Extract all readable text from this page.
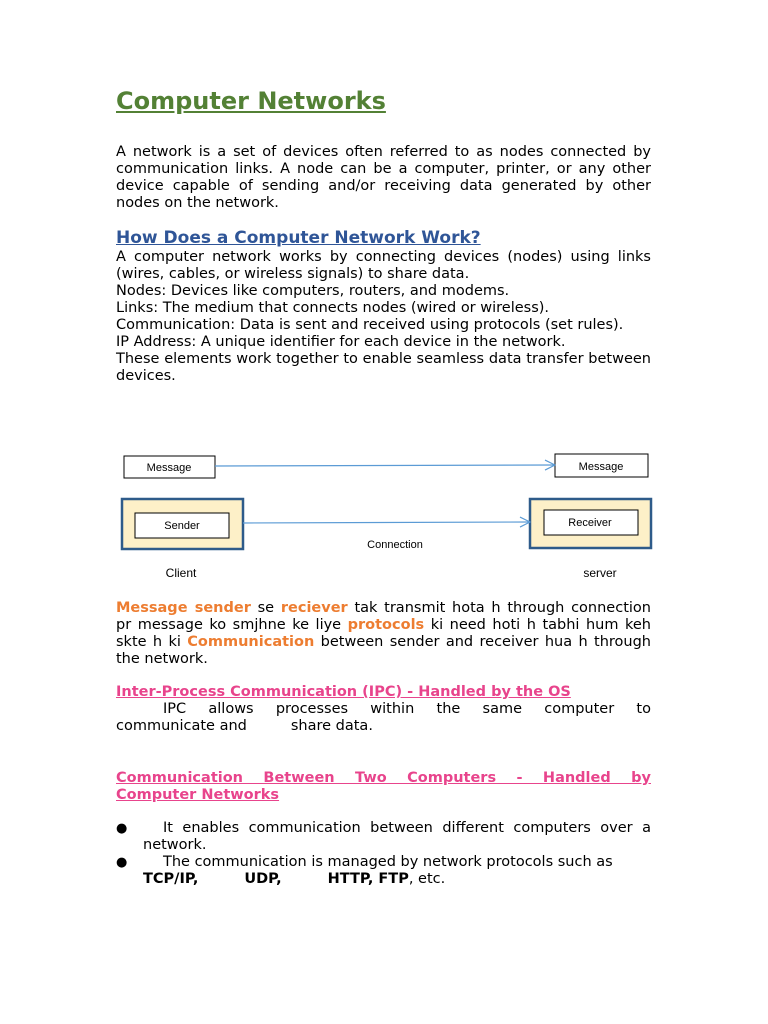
Computer Networks
A network is a set of devices often referred to as nodes connected by communication links. A node can be a computer, printer, or any other device capable of sending and/or receiving data generated by other nodes on the network.
How Does a Computer Network Work?
A computer network works by connecting devices (nodes) using links (wires, cables, or wireless signals) to share data.
Nodes: Devices like computers, routers, and modems.
Links: The medium that connects nodes (wired or wireless).
Communication: Data is sent and received using protocols (set rules).
IP Address: A unique identifier for each device in the network.
These elements work together to enable seamless data transfer between devices.
Message	Message
Sender	Receiver
Connection
Client	server
Message sender se reciever tak transmit hota h through connection pr message ko smjhne ke liye protocols ki need hoti h tabhi hum keh skte h ki Communication between sender and receiver hua h through the network.
Inter-Process Communication (IPC) - Handled by the OS
IPC allows processes within the same computer to
communicate and	share data.
Communication Between Two Computers - Handled by
Computer Networks
● It enables communication between different computers over a network.
● The communication is managed by network protocols such as
TCP/IP,	UDP,	HTTP, FTP, etc.
